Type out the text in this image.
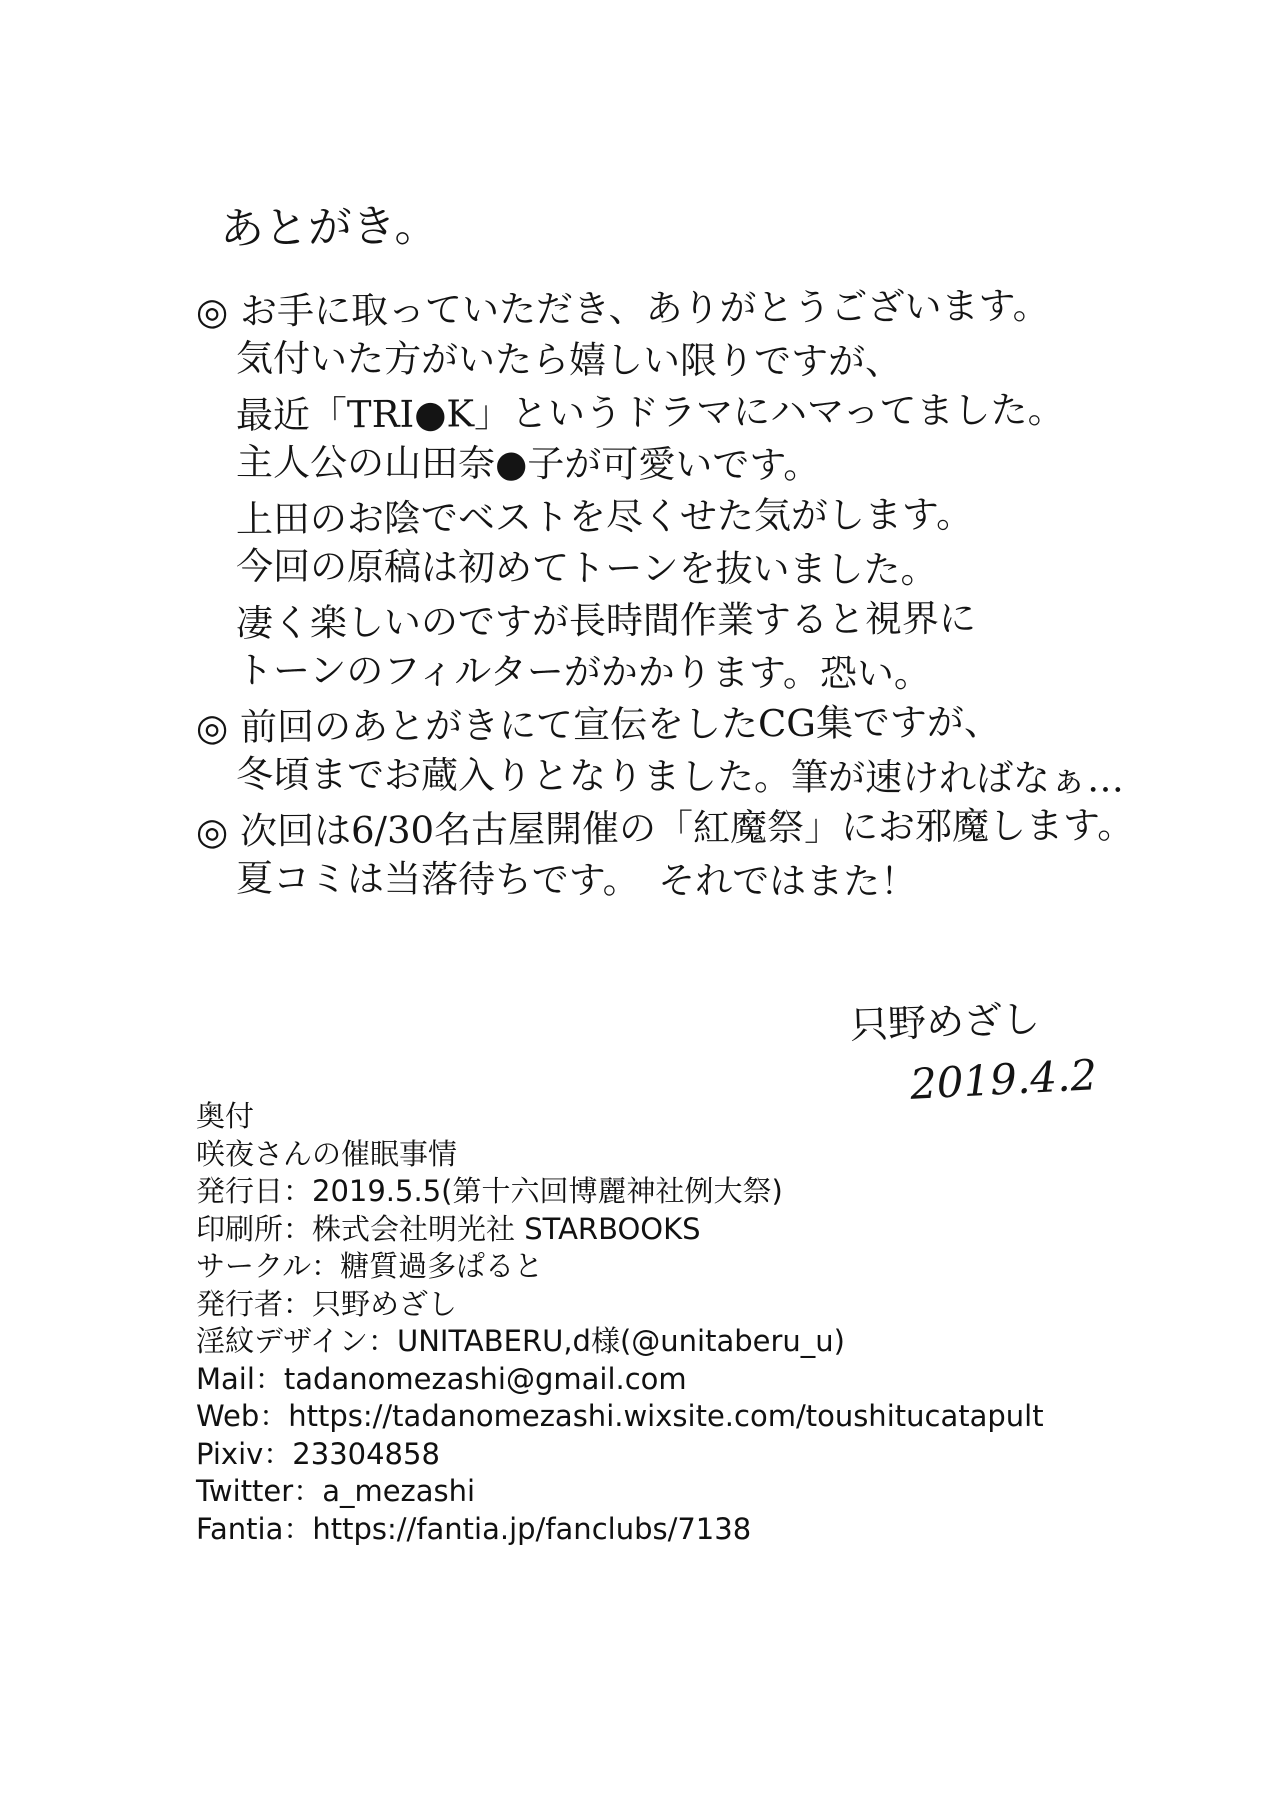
あとがき。
◎ お手に取っていただき、ありがとうございます。
気付いた方がいたら嬉しい限りですが、
最近「TRI●K」というドラマにハマってました。
主人公の山田奈●子が可愛いです。
上田のお陰でベストを尽くせた気がします。
今回の原稿は初めてトーンを抜いました。
凄く楽しいのですが長時間作業すると視界に
トーンのフィルターがかかります。恐い。
◎ 前回のあとがきにて宣伝をしたCG集ですが、
冬頃までお蔵入りとなりました。筆が速ければなぁ…
◎ 次回は6/30名古屋開催の「紅魔祭」にお邪魔します。
夏コミは当落待ちです。　それではまた！
只野めざし
2019.4.2
奥付
咲夜さんの催眠事情
発行日：2019.5.5(第十六回博麗神社例大祭)
印刷所：株式会社明光社 STARBOOKS
サークル：糖質過多ぱると
発行者：只野めざし
淫紋デザイン：UNITABERU,d様(@unitaberu_u)
Mail：tadanomezashi@gmail.com
Web：https://tadanomezashi.wixsite.com/toushitucatapult
Pixiv：23304858
Twitter：a_mezashi
Fantia：https://fantia.jp/fanclubs/7138
